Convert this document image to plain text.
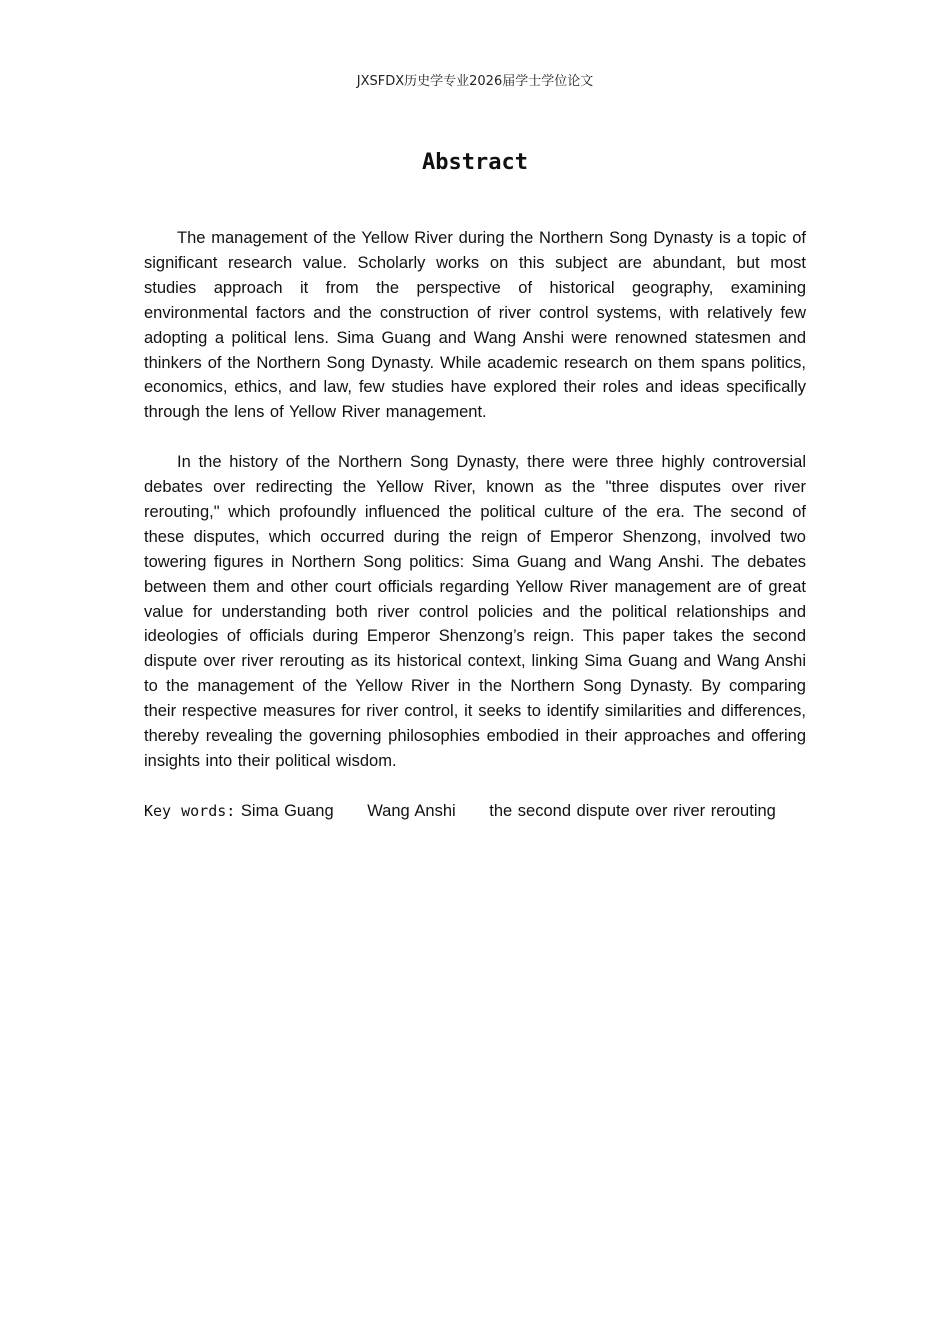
JXSFDX历史学专业2026届学士学位论文
Abstract

The management of the Yellow River during the Northern Song Dynasty is a topic of significant research value. Scholarly works on this subject are abundant, but most studies approach it from the perspective of historical geography, examining environmental factors and the construction of river control systems, with relatively few adopting a political lens. Sima Guang and Wang Anshi were renowned statesmen and thinkers of the Northern Song Dynasty. While academic research on them spans politics, economics, ethics, and law, few studies have explored their roles and ideas specifically through the lens of Yellow River management.

In the history of the Northern Song Dynasty, there were three highly controversial debates over redirecting the Yellow River, known as the "three disputes over river rerouting," which profoundly influenced the political culture of the era. The second of these disputes, which occurred during the reign of Emperor Shenzong, involved two towering figures in Northern Song politics: Sima Guang and Wang Anshi. The debates between them and other court officials regarding Yellow River management are of great value for understanding both river control policies and the political relationships and ideologies of officials during Emperor Shenzong’s reign. This paper takes the second dispute over river rerouting as its historical context, linking Sima Guang and Wang Anshi to the management of the Yellow River in the Northern Song Dynasty. By comparing their respective measures for river control, it seeks to identify similarities and differences, thereby revealing the governing philosophies embodied in their approaches and offering insights into their political wisdom.

Key words: Sima Guang Wang Anshi the second dispute over river rerouting
